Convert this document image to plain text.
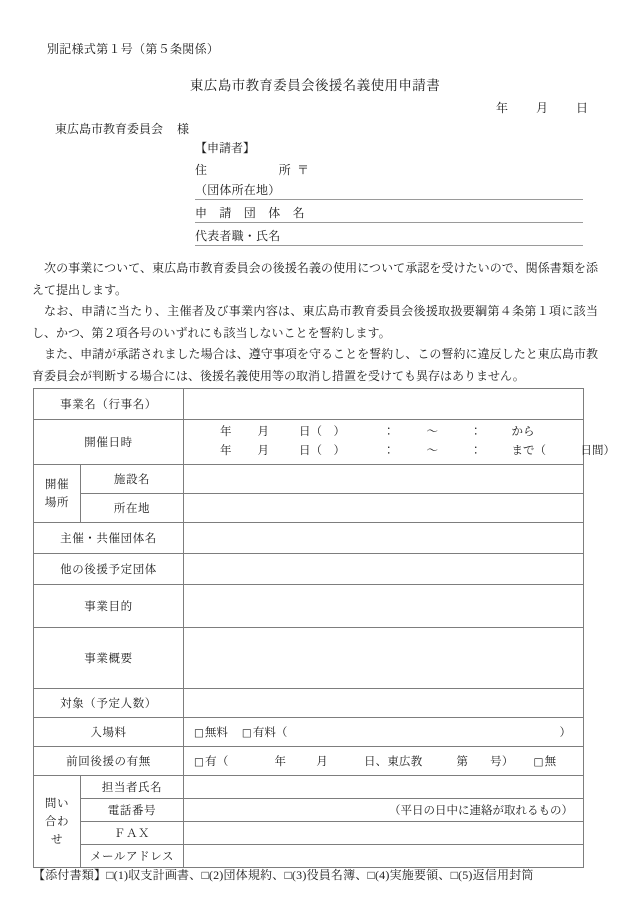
別記様式第１号（第５条関係）
東広島市教育委員会後援名義使用申請書
年 月 日
東広島市教育委員会 様
【申請者】
住	所 〒
（団体所在地）
申　請　団　体　名
代表者職・氏名

次の事業について、東広島市教育委員会の後援名義の使用について承認を受けたいので、関係書類を添えて提出します。

なお、申請に当たり、主催者及び事業内容は、東広島市教育委員会後援取扱要綱第４条第１項に該当し、かつ、第２項各号のいずれにも該当しないことを誓約します。

また、申請が承諾されました場合は、遵守事項を守ることを誓約し、この誓約に違反したと東広島市教育委員会が判断する場合には、後援名義使用等の取消し措置を受けても異存はありません。

事業名（行事名）		
開催日時		年 月 日（　） ： ～ ： から
年 月 日（　） ： ～ ： まで（　　　日間）

開催
場所	施設名	
	所在地	
主催・共催団体名		
他の後援予定団体		
事業目的		
事業概要		
対象（予定人数）		
入場料		□無料 □有料（ ）

前回後援の有無		□有（ 年 月 日、東広教 第 号） □無

問い
合わ
せ	担当者氏名	
	電話番号	（平日の日中に連絡が取れるもの）

	ＦＡＸ	
	メールアドレス	
【添付書類】□(1)収支計画書、□(2)団体規約、□(3)役員名簿、□(4)実施要領、□(5)返信用封筒
